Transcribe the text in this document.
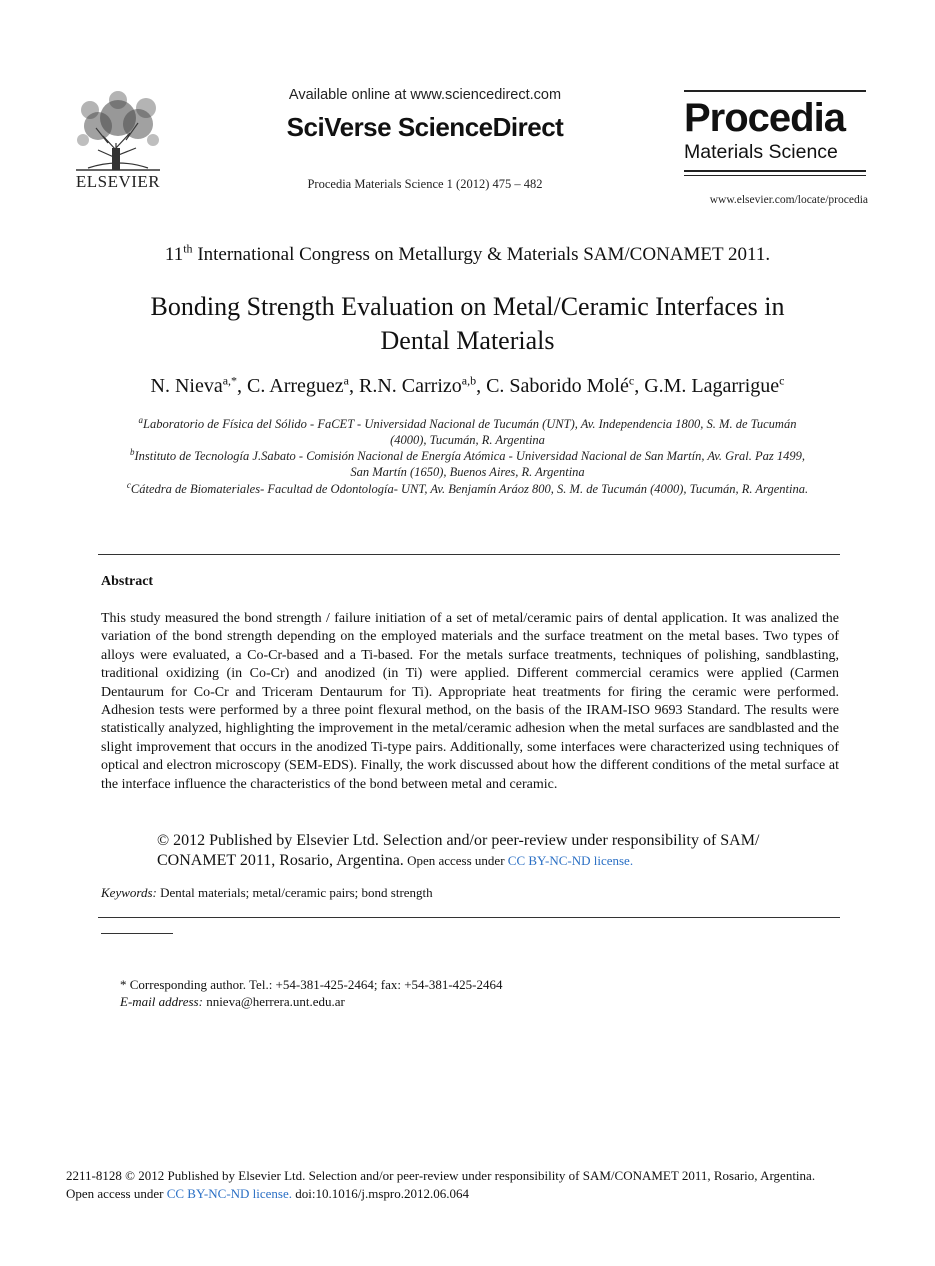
ELSEVIER
Available online at www.sciencedirect.com
SciVerse ScienceDirect
Procedia Materials Science 1 (2012) 475 – 482
Procedia
Materials Science
www.elsevier.com/locate/procedia
11th International Congress on Metallurgy & Materials SAM/CONAMET 2011.
Bonding Strength Evaluation on Metal/Ceramic Interfaces in
Dental Materials
N. Nieva$^{a,*}$, C. Arreguez$^a$, R.N. Carrizo$^{a,b}$, C. Saborido Molé$^c$, G.M. Lagarrigue$^c$
$^a$Laboratorio de Física del Sólido - FaCET - Universidad Nacional de Tucumán (UNT), Av. Independencia 1800, S. M. de Tucumán
(4000), Tucumán, R. Argentina
$^b$Instituto de Tecnología J.Sabato - Comisión Nacional de Energía Atómica - Universidad Nacional de San Martín, Av. Gral. Paz 1499,
San Martín (1650), Buenos Aires, R. Argentina
$^c$Cátedra de Biomateriales- Facultad de Odontología- UNT, Av. Benjamín Aráoz 800, S. M. de Tucumán (4000), Tucumán, R. Argentina.
Abstract
This study measured the bond strength / failure initiation of a set of metal/ceramic pairs of dental application. It was analized the variation of the bond strength depending on the employed materials and the surface treatment on the metal bases. Two types of alloys were evaluated, a Co-Cr-based and a Ti-based. For the metals surface treatments, techniques of polishing, sandblasting, traditional oxidizing (in Co-Cr) and anodized (in Ti) were applied. Different commercial ceramics were applied (Carmen Dentaurum for Co-Cr and Triceram Dentaurum for Ti). Appropriate heat treatments for firing the ceramic were performed. Adhesion tests were performed by a three point flexural method, on the basis of the IRAM-ISO 9693 Standard. The results were statistically analyzed, highlighting the improvement in the metal/ceramic adhesion when the metal surfaces are sandblasted and the slight improvement that occurs in the anodized Ti-type pairs. Additionally, some interfaces were characterized using techniques of optical and electron microscopy (SEM-EDS). Finally, the work discussed about how the different conditions of the metal surface at the interface influence the characteristics of the bond between metal and ceramic.
© 2012 Published by Elsevier Ltd. Selection and/or peer-review under responsibility of SAM/ CONAMET 2011, Rosario, Argentina. Open access under CC BY-NC-ND license.
Keywords: Dental materials; metal/ceramic pairs; bond strength
* Corresponding author. Tel.: +54-381-425-2464; fax: +54-381-425-2464
E-mail address: nnieva@herrera.unt.edu.ar
2211-8128 © 2012 Published by Elsevier Ltd. Selection and/or peer-review under responsibility of SAM/CONAMET 2011, Rosario, Argentina.
Open access under CC BY-NC-ND license. doi:10.1016/j.mspro.2012.06.064
